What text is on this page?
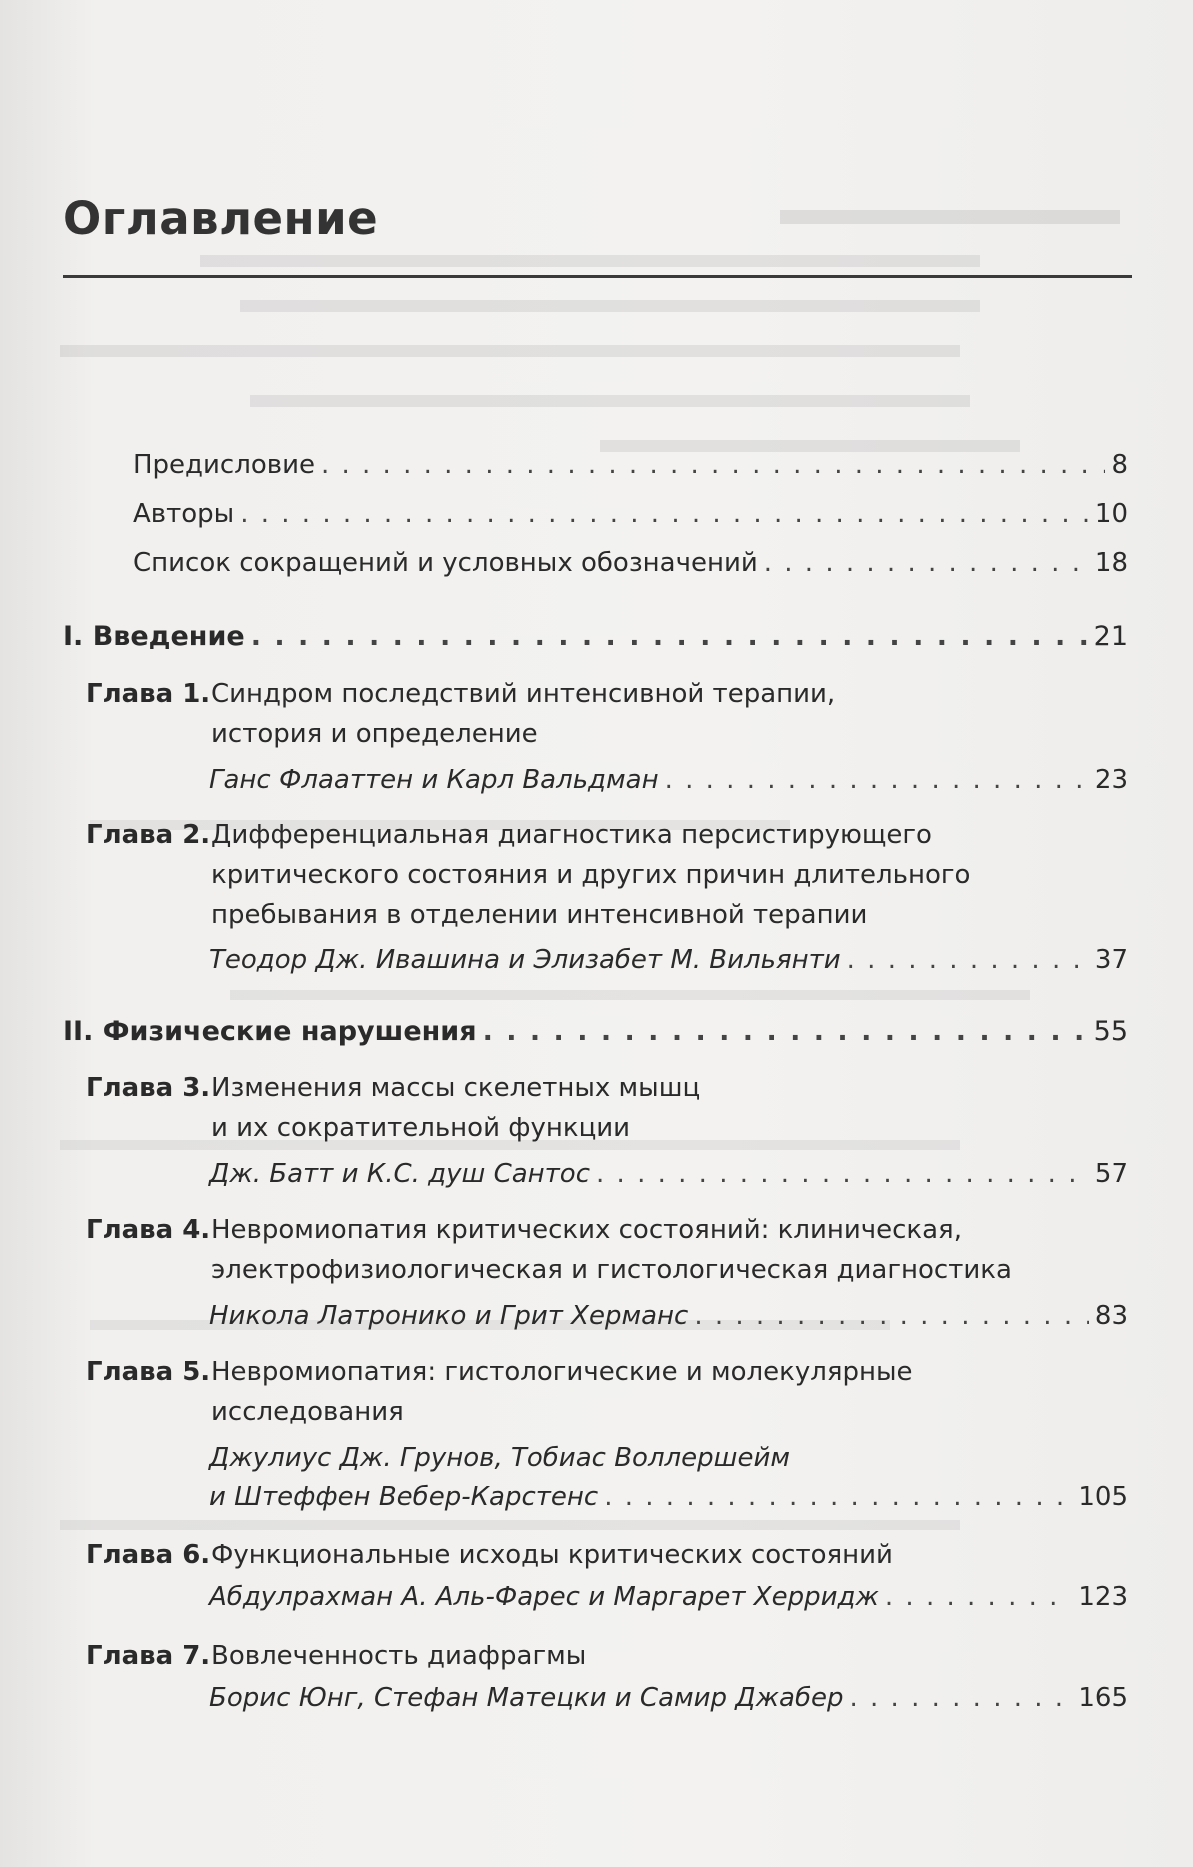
Оглавление
Предисловие . . .	8
Авторы . . .	10
Список сокращений и условных обозначений . . .	18
I. Введение . . .	21
Глава 1. Синдром последствий интенсивной терапии,
история и определение
Ганс Флааттен и Карл Вальдман . . .	23
Глава 2. Дифференциальная диагностика персистирующего
критического состояния и других причин длительного
пребывания в отделении интенсивной терапии
Теодор Дж. Ивашина и Элизабет М. Вильянти . . .	37
II. Физические нарушения . . .	55
Глава 3. Изменения массы скелетных мышц
и их сократительной функции
Дж. Батт и К.С. душ Сантос . . .	57
Глава 4. Невромиопатия критических состояний: клиническая,
электрофизиологическая и гистологическая диагностика
Никола Латронико и Грит Херманс . . .	83
Глава 5. Невромиопатия: гистологические и молекулярные
исследования
Джулиус Дж. Грунов, Тобиас Воллершейм
и Штеффен Вебер-Карстенс . . .	105
Глава 6. Функциональные исходы критических состояний
Абдулрахман А. Аль-Фарес и Маргарет Херридж . . .	123
Глава 7. Вовлеченность диафрагмы
Борис Юнг, Стефан Матецки и Самир Джабер . . .	165
